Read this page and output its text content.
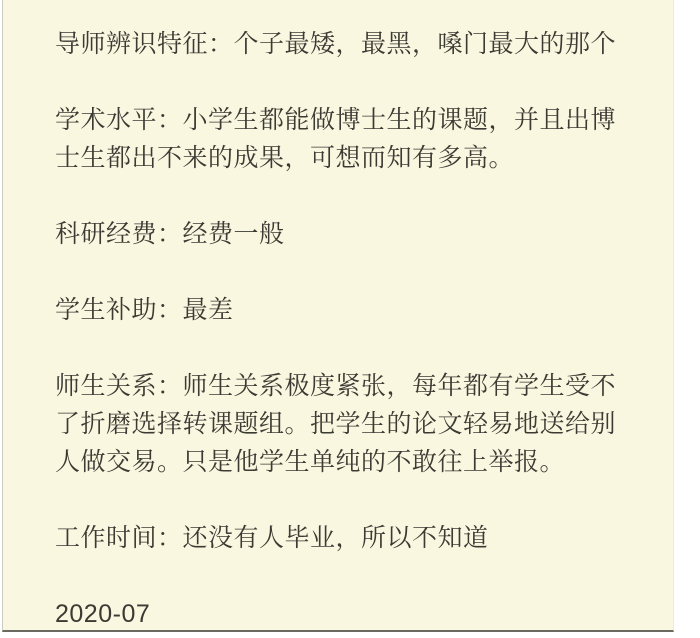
导师辨识特征：个子最矮，最黑，嗓门最大的那个

学术水平：小学生都能做博士生的课题，并且出博士生都出不来的成果，可想而知有多高。

科研经费：经费一般

学生补助：最差

师生关系：师生关系极度紧张，每年都有学生受不了折磨选择转课题组。把学生的论文轻易地送给别人做交易。只是他学生单纯的不敢往上举报。

工作时间：还没有人毕业，所以不知道

2020-07
